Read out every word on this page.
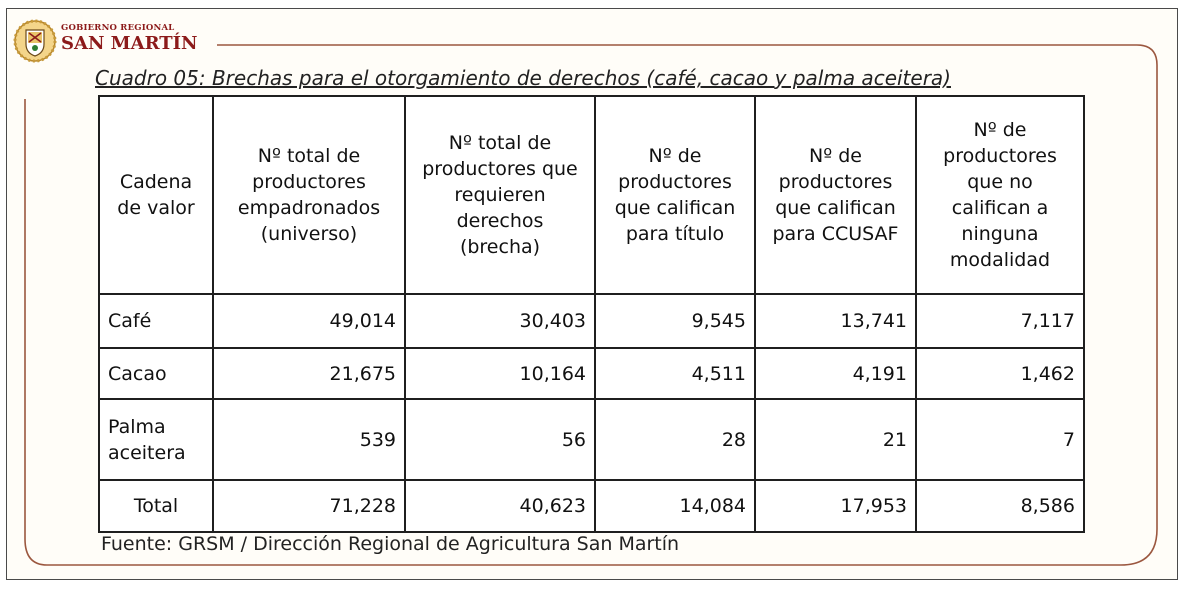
GOBIERNO REGIONAL
SAN MARTÍN
Cuadro 05: Brechas para el otorgamiento de derechos (café, cacao y palma aceitera)
Cadena de valor	Nº total de productores empadronados (universo)	Nº total de productores que requieren derechos (brecha)	Nº de productores que califican para título	Nº de productores que califican para CCUSAF	Nº de productores que no califican a ninguna modalidad
Café	49,014	30,403	9,545	13,741	7,117
Cacao	21,675	10,164	4,511	4,191	1,462
Palma aceitera	539	56	28	21	7
Total	71,228	40,623	14,084	17,953	8,586
Fuente: GRSM / Dirección Regional de Agricultura San Martín
